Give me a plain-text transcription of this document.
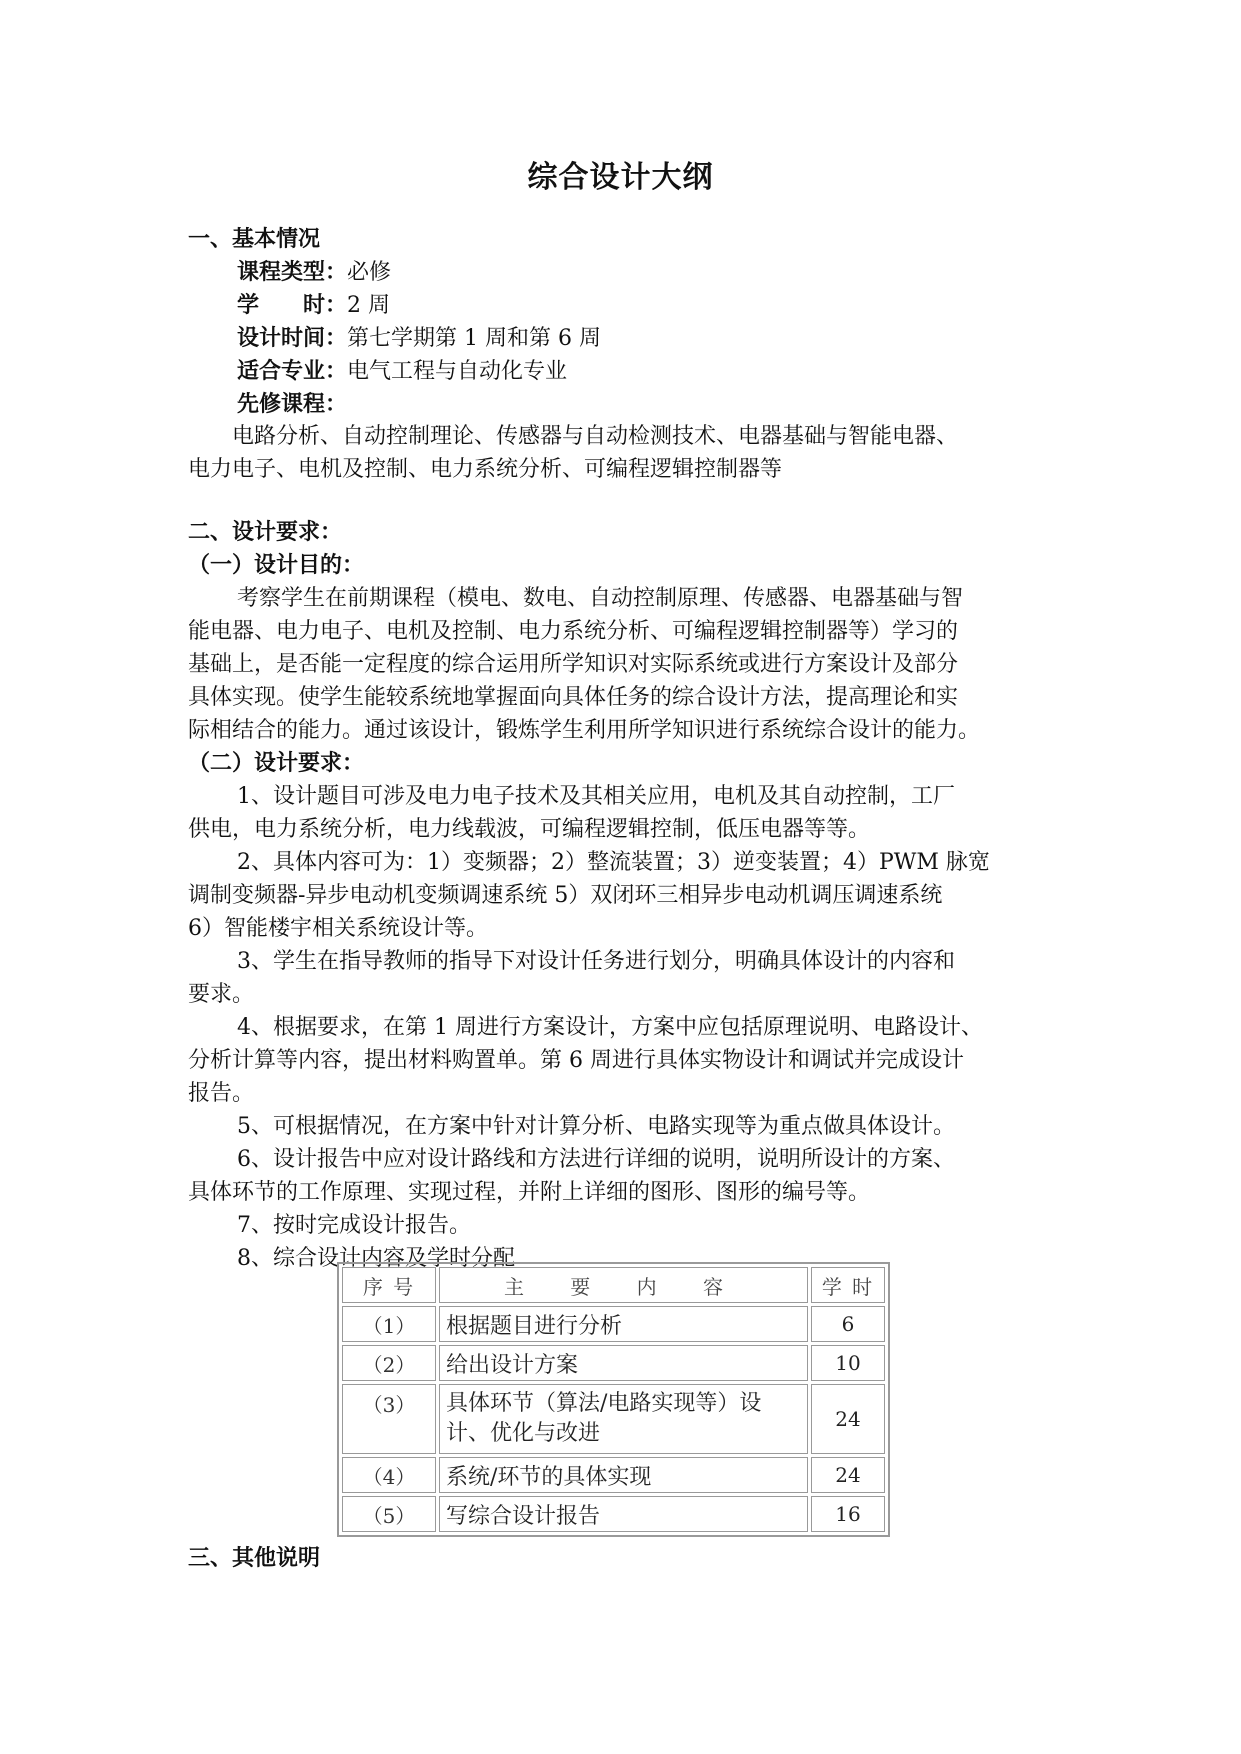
综合设计大纲
一、基本情况
课程类型：必修
学　　时：2 周
设计时间：第七学期第 1 周和第 6 周
适合专业：电气工程与自动化专业
先修课程：
电路分析、自动控制理论、传感器与自动检测技术、电器基础与智能电器、
电力电子、电机及控制、电力系统分析、可编程逻辑控制器等
二、设计要求：
（一）设计目的：
考察学生在前期课程（模电、数电、自动控制原理、传感器、电器基础与智
能电器、电力电子、电机及控制、电力系统分析、可编程逻辑控制器等）学习的
基础上，是否能一定程度的综合运用所学知识对实际系统或进行方案设计及部分
具体实现。使学生能较系统地掌握面向具体任务的综合设计方法，提高理论和实
际相结合的能力。通过该设计，锻炼学生利用所学知识进行系统综合设计的能力。
（二）设计要求：
1、设计题目可涉及电力电子技术及其相关应用，电机及其自动控制，工厂
供电，电力系统分析，电力线载波，可编程逻辑控制，低压电器等等。
2、具体内容可为：1）变频器；2）整流装置；3）逆变装置；4）PWM 脉宽
调制变频器-异步电动机变频调速系统 5）双闭环三相异步电动机调压调速系统
6）智能楼宇相关系统设计等。
3、学生在指导教师的指导下对设计任务进行划分，明确具体设计的内容和
要求。
4、根据要求，在第 1 周进行方案设计，方案中应包括原理说明、电路设计、
分析计算等内容，提出材料购置单。第 6 周进行具体实物设计和调试并完成设计
报告。
5、可根据情况，在方案中针对计算分析、电路实现等为重点做具体设计。
6、设计报告中应对设计路线和方法进行详细的说明，说明所设计的方案、
具体环节的工作原理、实现过程，并附上详细的图形、图形的编号等。
7、按时完成设计报告。
8、综合设计内容及学时分配
序 号	主 要 内 容	学 时
（1）	根据题目进行分析	6
（2）	给出设计方案	10
（3）	具体环节（算法/电路实现等）设计、优化与改进	24
（4）	系统/环节的具体实现	24
（5）	写综合设计报告	16
三、其他说明
